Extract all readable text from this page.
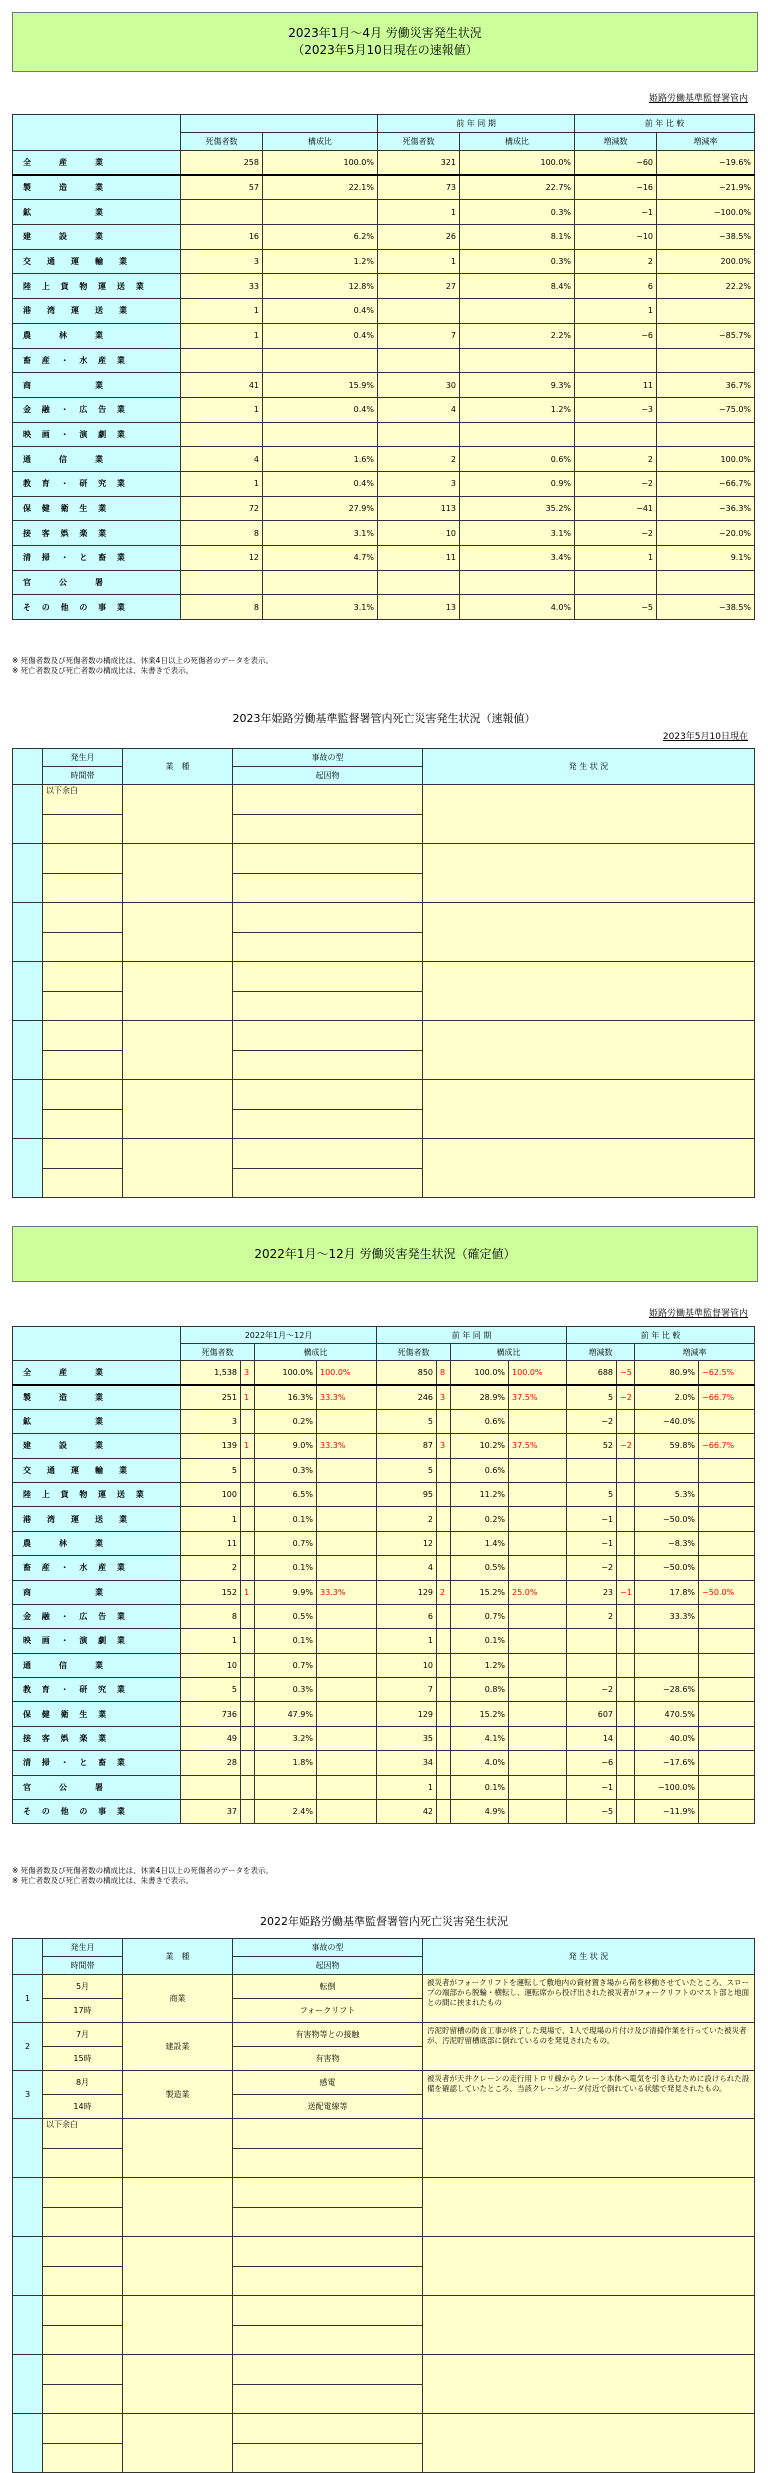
2023年1月～4月 労働災害発生状況
（2023年5月10日現在の速報値）
姫路労働基準監督署管内
			前 年 同 期		前 年 比 較	
	死傷者数	構成比	死傷者数	構成比	増減数	増減率
全　　産　　業	258	100.0%	321	100.0%	−60	−19.6%
製　　造　　業	57	22.1%	73	22.7%	−16	−21.9%
鉱　　　　　業			1	0.3%	−1	−100.0%
建　　設　　業	16	6.2%	26	8.1%	−10	−38.5%
交　通　運　輸　業	3	1.2%	1	0.3%	2	200.0%
陸 上 貨 物 運 送 業	33	12.8%	27	8.4%	6	22.2%
港　湾　運　送　業	1	0.4%			1	
農　　林　　業	1	0.4%	7	2.2%	−6	−85.7%
畜 産 ・ 水 産 業						
商　　　　　業	41	15.9%	30	9.3%	11	36.7%
金 融 ・ 広 告 業	1	0.4%	4	1.2%	−3	−75.0%
映 画 ・ 演 劇 業						
通　　信　　業	4	1.6%	2	0.6%	2	100.0%
教 育 ・ 研 究 業	1	0.4%	3	0.9%	−2	−66.7%
保 健 衛 生 業	72	27.9%	113	35.2%	−41	−36.3%
接 客 娯 楽 業	8	3.1%	10	3.1%	−2	−20.0%
清 掃 ・ と 畜 業	12	4.7%	11	3.4%	1	9.1%
官　　公　　署						
そ の 他 の 事 業	8	3.1%	13	4.0%	−5	−38.5%
※ 死傷者数及び死傷者数の構成比は、休業4日以上の死傷者のデータを表示。
※ 死亡者数及び死亡者数の構成比は、朱書きで表示。
2023年姫路労働基準監督署管内死亡災害発生状況（速報値）
2023年5月10日現在
	発生月	業　種	事故の型	発 生 状 況
	時間帯		起因物	
	以下余白			

2022年1月～12月 労働災害発生状況（確定値）
姫路労働基準監督署管内
	2022年1月～12月				前 年 同 期				前 年 比 較			
	死傷者数		構成比		死傷者数		構成比		増減数		増減率	
全　　産　　業	1,538	3	100.0%	100.0%	850	8	100.0%	100.0%	688	−5	80.9%	−62.5%
製　　造　　業	251	1	16.3%	33.3%	246	3	28.9%	37.5%	5	−2	2.0%	−66.7%
鉱　　　　　業	3		0.2%		5		0.6%		−2		−40.0%	
建　　設　　業	139	1	9.0%	33.3%	87	3	10.2%	37.5%	52	−2	59.8%	−66.7%
交　通　運　輸　業	5		0.3%		5		0.6%					
陸 上 貨 物 運 送 業	100		6.5%		95		11.2%		5		5.3%	
港　湾　運　送　業	1		0.1%		2		0.2%		−1		−50.0%	
農　　林　　業	11		0.7%		12		1.4%		−1		−8.3%	
畜 産 ・ 水 産 業	2		0.1%		4		0.5%		−2		−50.0%	
商　　　　　業	152	1	9.9%	33.3%	129	2	15.2%	25.0%	23	−1	17.8%	−50.0%
金 融 ・ 広 告 業	8		0.5%		6		0.7%		2		33.3%	
映 画 ・ 演 劇 業	1		0.1%		1		0.1%					
通　　信　　業	10		0.7%		10		1.2%					
教 育 ・ 研 究 業	5		0.3%		7		0.8%		−2		−28.6%	
保 健 衛 生 業	736		47.9%		129		15.2%		607		470.5%	
接 客 娯 楽 業	49		3.2%		35		4.1%		14		40.0%	
清 掃 ・ と 畜 業	28		1.8%		34		4.0%		−6		−17.6%	
官　　公　　署					1		0.1%		−1		−100.0%	
そ の 他 の 事 業	37		2.4%		42		4.9%		−5		−11.9%	
※ 死傷者数及び死傷者数の構成比は、休業4日以上の死傷者のデータを表示。
※ 死亡者数及び死亡者数の構成比は、朱書きで表示。
2022年姫路労働基準監督署管内死亡災害発生状況
	発生月	業　種	事故の型	発 生 状 況
	時間帯		起因物	
1	5月	商業	転倒	被災者がフォークリフトを運転して敷地内の資材置き場から荷を移動させていたところ、スロープの端部から脱輪・横転し、運転席から投げ出された被災者がフォークリフトのマスト部と地面との間に挟まれたもの
	17時		フォークリフト	
2	7月	建設業	有害物等との接触	汚泥貯留槽の防食工事が終了した現場で、1人で現場の片付け及び清掃作業を行っていた被災者が、汚泥貯留槽底部に倒れているのを発見されたもの。
	15時		有害物	
3	8月	製造業	感電	被災者が天井クレーンの走行用トロリ線からクレーン本体へ電気を引き込むために設けられた設備を確認していたところ、当該クレーンガーダ付近で倒れている状態で発見されたもの。
	14時		送配電線等	
	以下余白			
